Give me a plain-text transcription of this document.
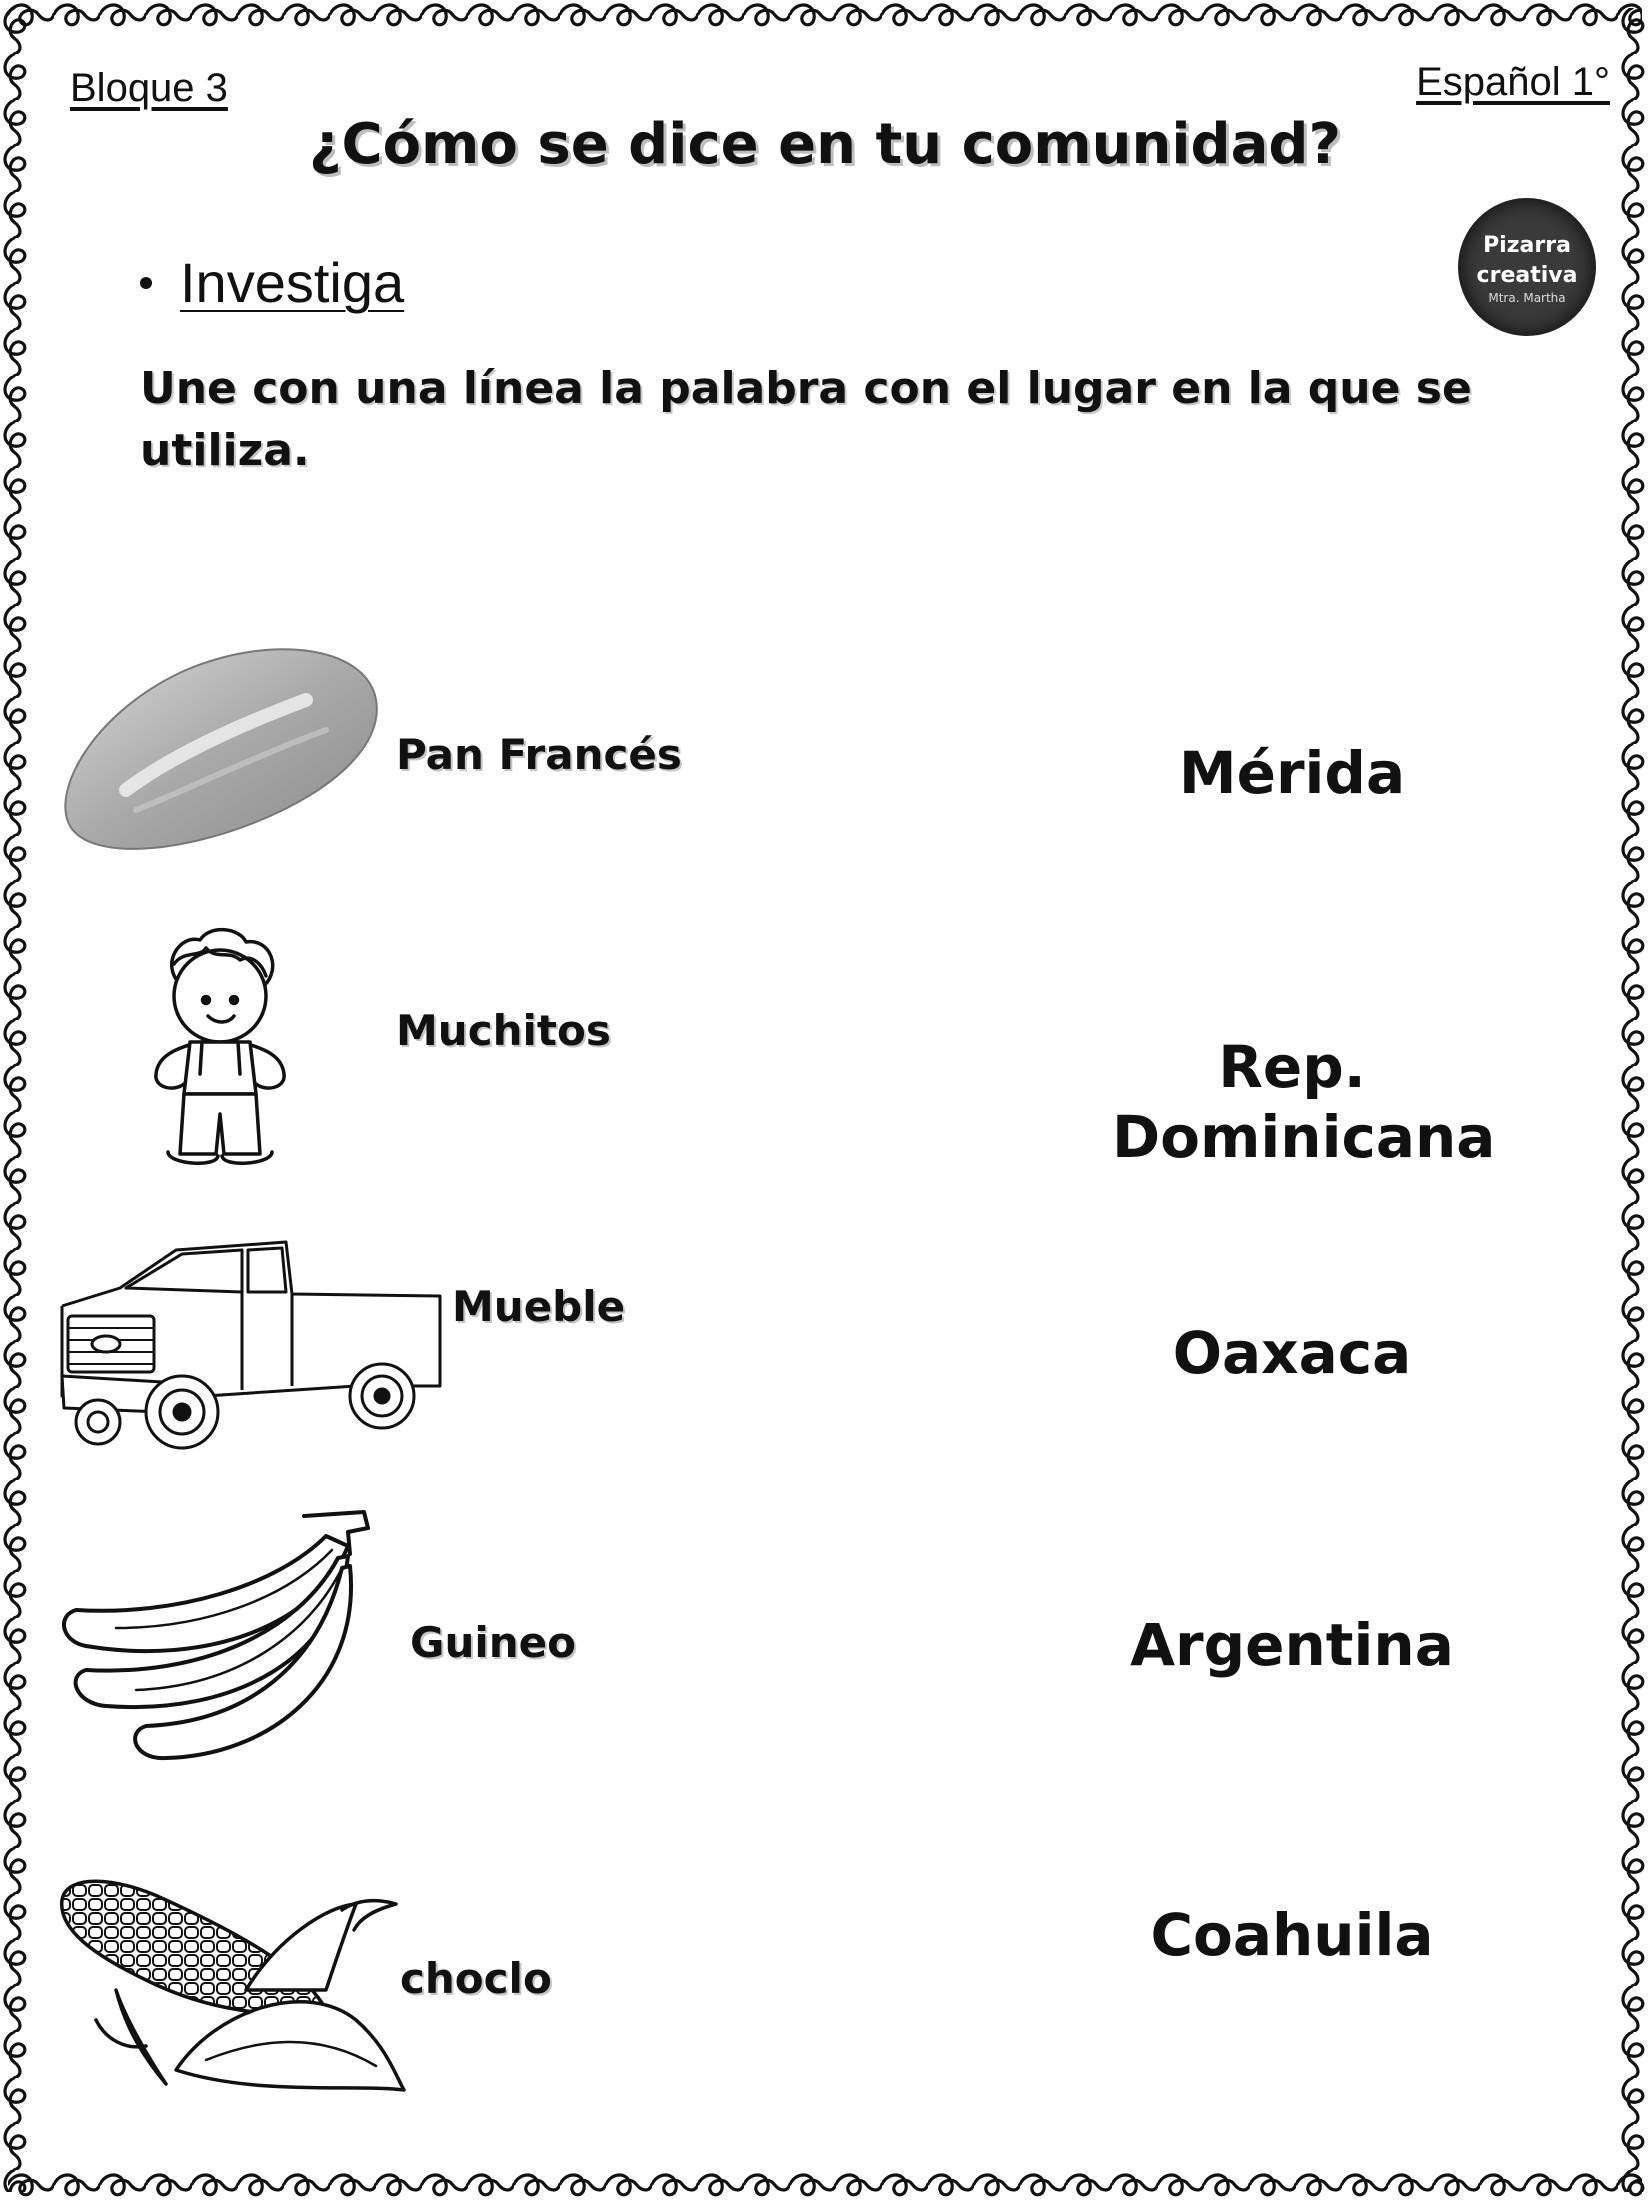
Bloque 3	Español 1°
¿Cómo se dice en tu comunidad?
Pizarra
creativa
Mtra. Martha
Investiga
Une con una línea la palabra con el lugar en la que se utiliza.
Pan Francés
Muchitos
Mueble
Guineo
choclo
Mérida
Rep. Dominicana
Oaxaca
Argentina
Coahuila
